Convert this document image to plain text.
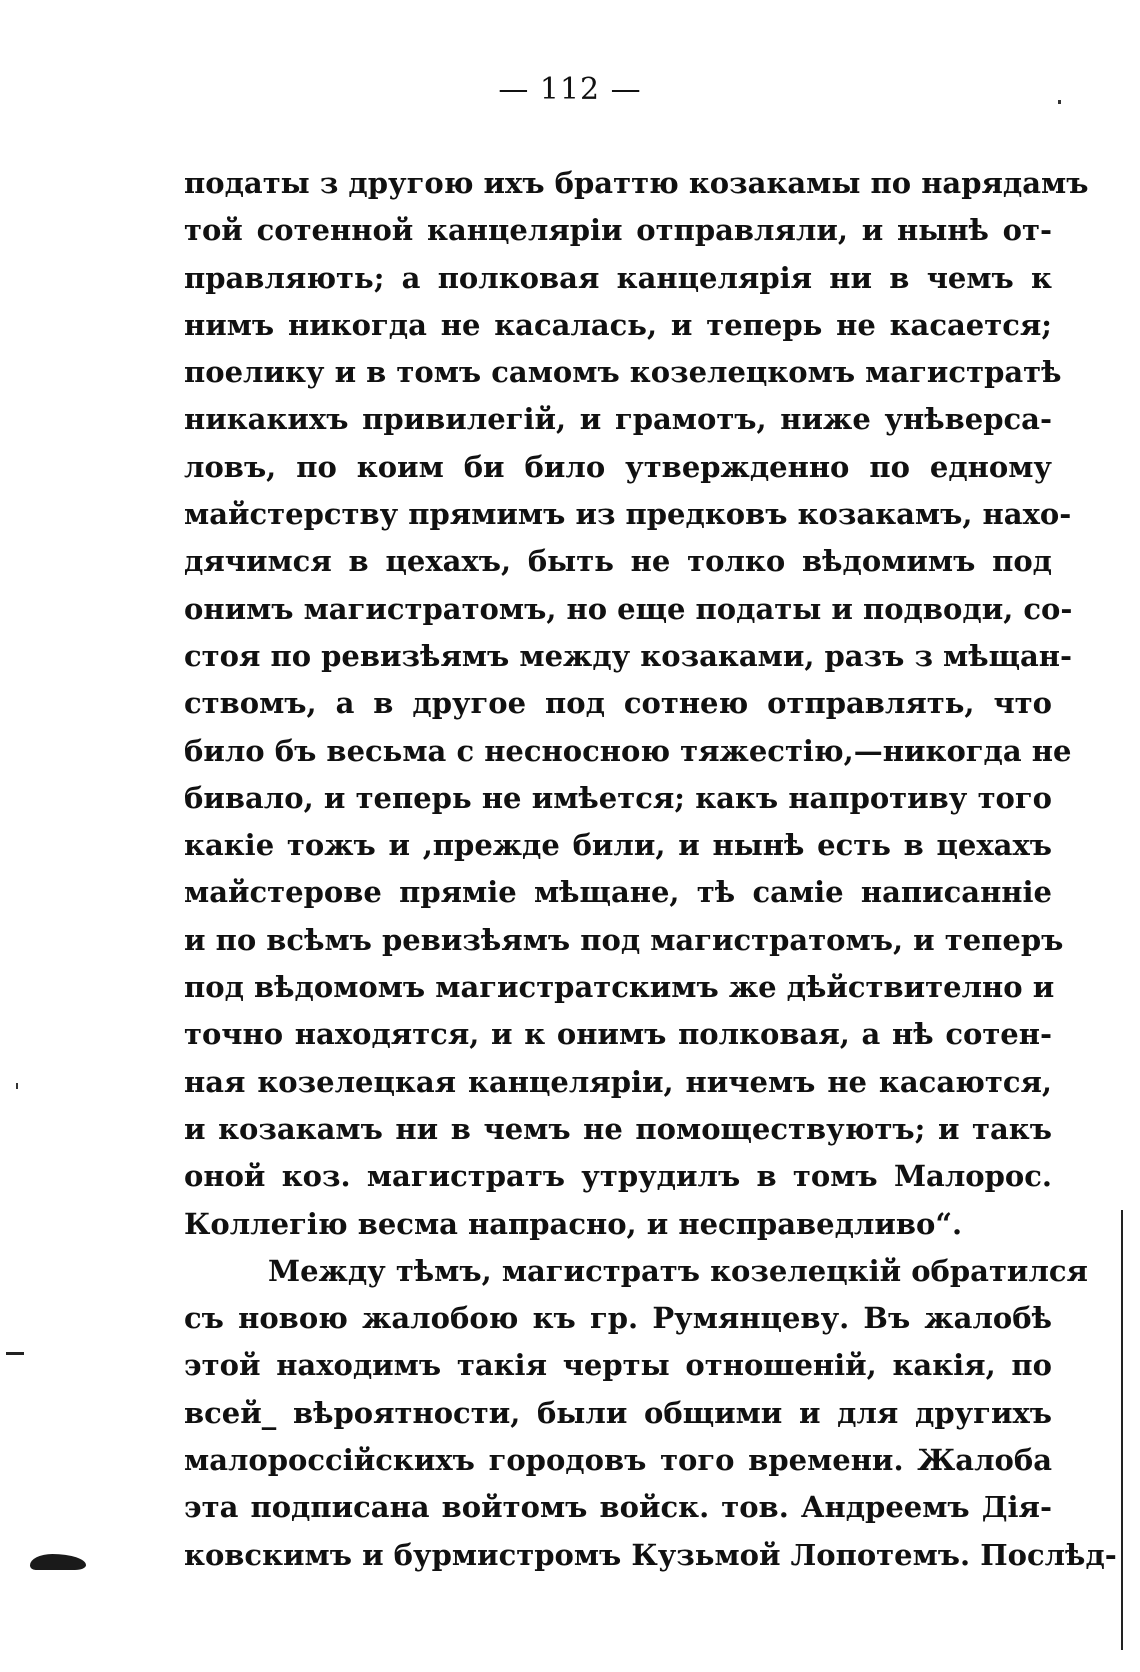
— 112 —
податы з другою ихъ браттю козакамы по нарядамъ
той сотенной канцеляріи отправляли, и нынѣ от-
правляють; а полковая канцелярія ни в чемъ к
нимъ никогда не касалась, и теперь не касается;
поелику и в томъ самомъ козелецкомъ магистратѣ
никакихъ привилегій, и грамотъ, ниже унѣверса-
ловъ, по коим би било утвержденно по едному
майстерству прямимъ из предковъ козакамъ, нахо-
дячимся в цехахъ, быть не толко вѣдомимъ под
онимъ магистратомъ, но еще податы и подводи, со-
стоя по ревизѣямъ между козаками, разъ з мѣщан-
ствомъ, а в другое под сотнею отправлять, что
било бъ весьма с несносною тяжестію,—никогда не
бивало, и теперь не имѣется; какъ напротиву того
какіе тожъ и ,прежде били, и нынѣ есть в цехахъ
майстерове пряміе мѣщане, тѣ саміе написанніе
и по всѣмъ ревизѣямъ под магистратомъ, и теперъ
под вѣдомомъ магистратскимъ же дѣйствително и
точно находятся, и к онимъ полковая, а нѣ сотен-
ная козелецкая канцеляріи, ничемъ не касаются,
и козакамъ ни в чемъ не помоществуютъ; и такъ
оной коз. магистратъ утрудилъ в томъ Малорос.
Коллегію весма напрасно, и несправедливо“.
Между тѣмъ, магистратъ козелецкій обратился
съ новою жалобою къ гр. Румянцеву. Въ жалобѣ
этой находимъ такія черты отношеній, какія, по
всей_ вѣроятности, были общими и для другихъ
малороссійскихъ городовъ того времени. Жалоба
эта подписана войтомъ войск. тов. Андреемъ Дія-
ковскимъ и бурмистромъ Кузьмой Лопотемъ. Послѣд-
